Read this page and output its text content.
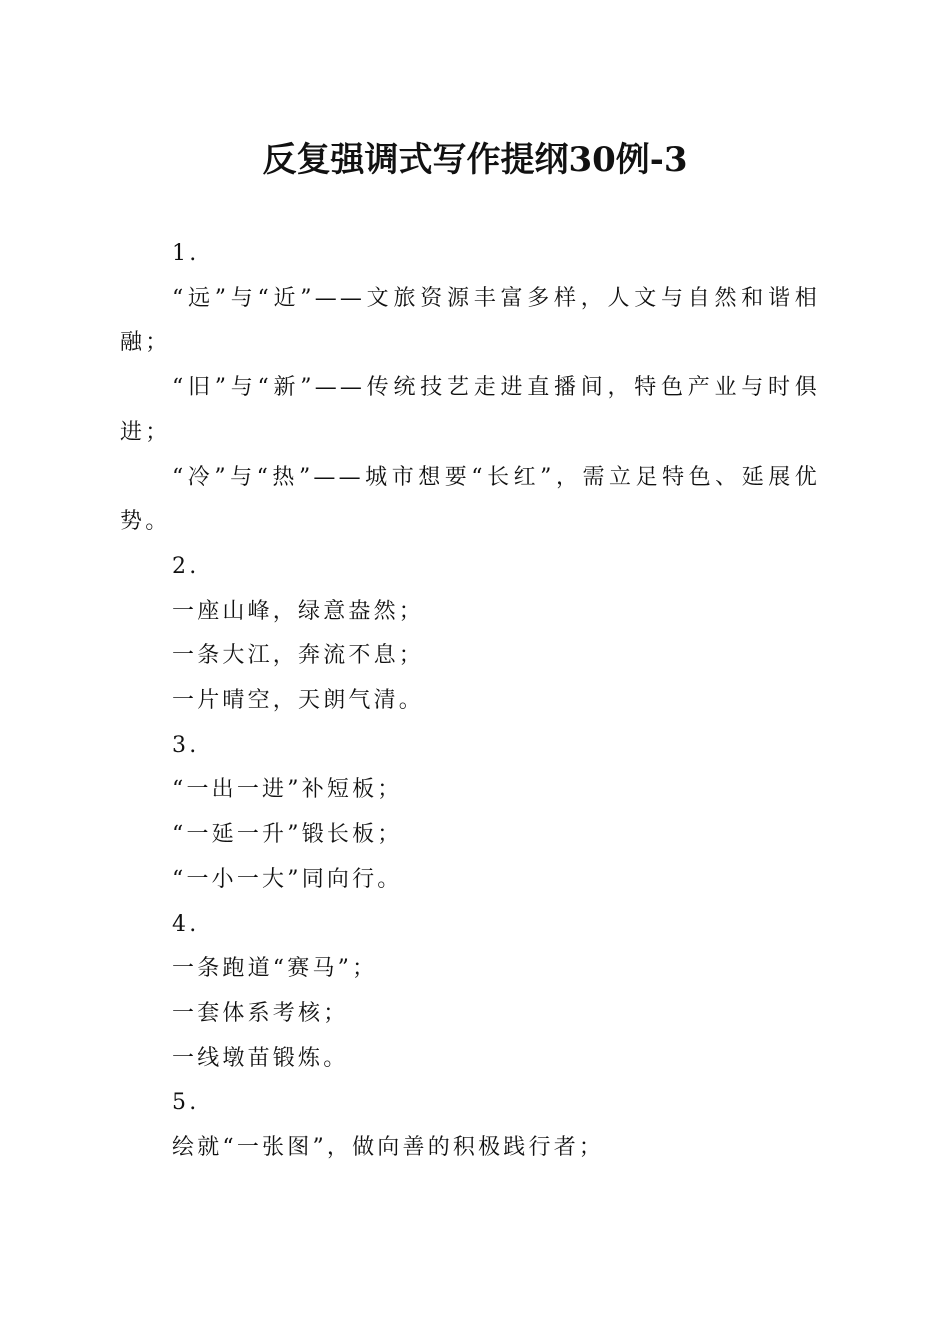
反复强调式写作提纲30例-3

1.

“远”与“近”——文旅资源丰富多样，人文与自然和谐相融；

“旧”与“新”——传统技艺走进直播间，特色产业与时俱进；

“冷”与“热”——城市想要“长红”，需立足特色、延展优势。

2.

一座山峰，绿意盎然；

一条大江，奔流不息；

一片晴空，天朗气清。

3.

“一出一进”补短板；

“一延一升”锻长板；

“一小一大”同向行。

4.

一条跑道“赛马”；

一套体系考核；

一线墩苗锻炼。

5.

绘就“一张图”，做向善的积极践行者；
